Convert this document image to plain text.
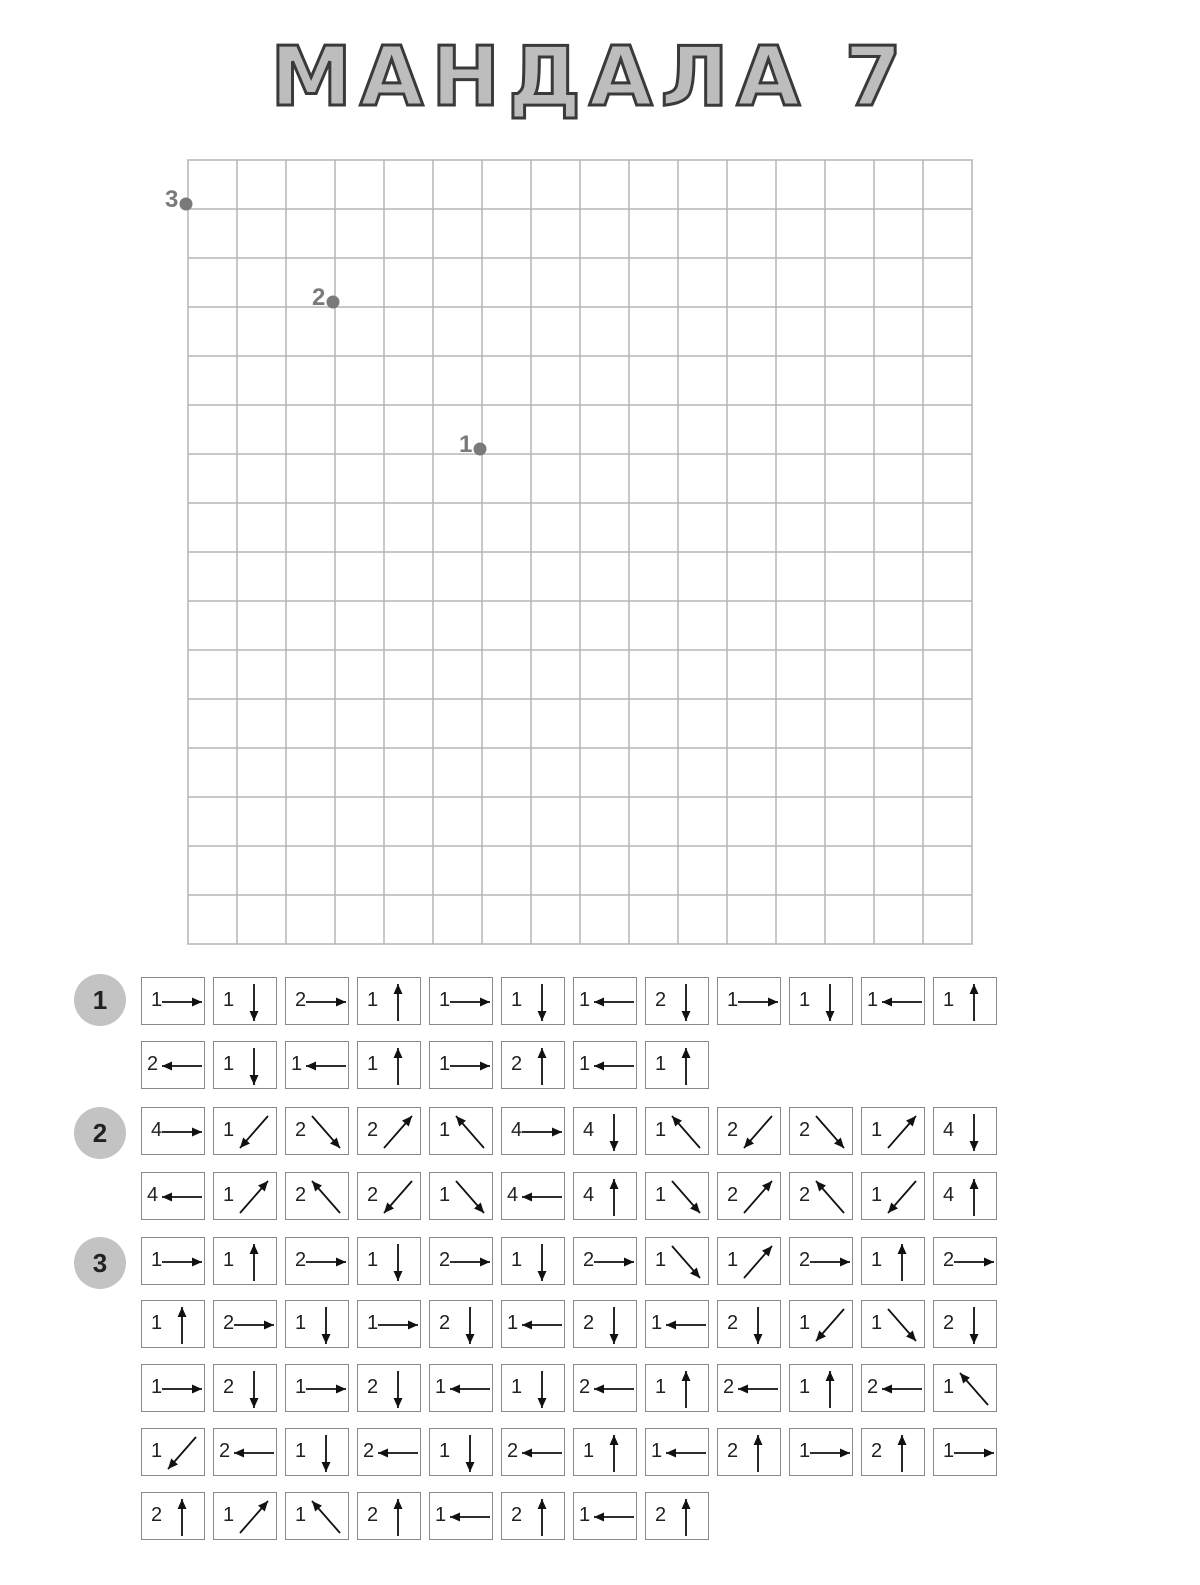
МАНДАЛА 7
3
2
1
1	1	1	2	1	1	1	1	2	1	1	1	1
2	1	1	1	1	2	1	1
2	4	1	2	2	1	4	4	1	2	2	1	4
4	1	2	2	1	4	4	1	2	2	1	4
3	1	1	2	1	2	1	2	1	1	2	1	2
1	2	1	1	2	1	2	1	2	1	1	2
1	2	1	2	1	1	2	1	2	1	2	1
1	2	1	2	1	2	1	1	2	1	2	1
2	1	1	2	1	2	1	2
